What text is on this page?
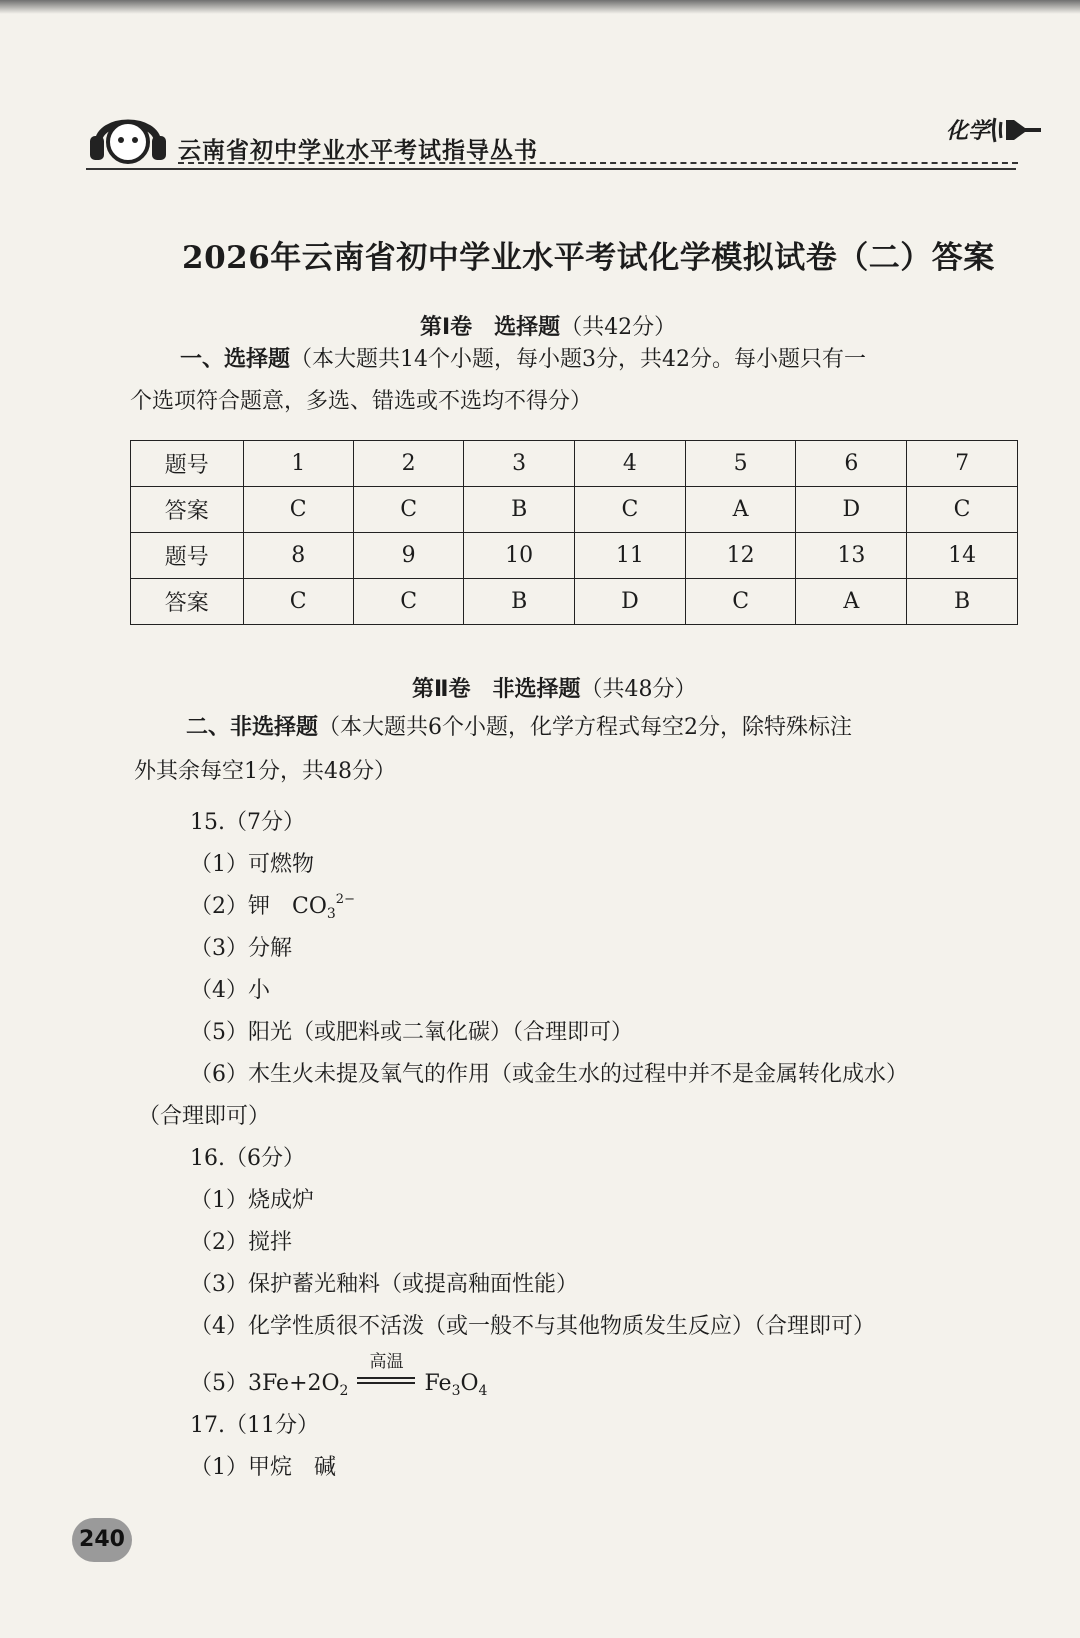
云南省初中学业水平考试指导丛书
化学
2026年云南省初中学业水平考试化学模拟试卷（二）答案
第Ⅰ卷　选择题（共42分）
一、选择题（本大题共14个小题，每小题3分，共42分。每小题只有一
个选项符合题意，多选、错选或不选均不得分）
题号	1	2	3	4	5	6	7
答案	C	C	B	C	A	D	C
题号	8	9	10	11	12	13	14
答案	C	C	B	D	C	A	B
第Ⅱ卷　非选择题（共48分）
二、非选择题（本大题共6个小题，化学方程式每空2分，除特殊标注
外其余每空1分，共48分）
15.（7分）
（1）可燃物
（2）钾　$CO_3^{2-}$
（3）分解
（4）小
（5）阳光（或肥料或二氧化碳）（合理即可）
（6）木生火未提及氧气的作用（或金生水的过程中并不是金属转化成水）
（合理即可）
16.（6分）
（1）烧成炉
（2）搅拌
（3）保护蓄光釉料（或提高釉面性能）
（4）化学性质很不活泼（或一般不与其他物质发生反应）（合理即可）
$(5)3Fe+2O_2$
高温
$Fe_3O_4$
17.（11分）
（1）甲烷　碱
240
